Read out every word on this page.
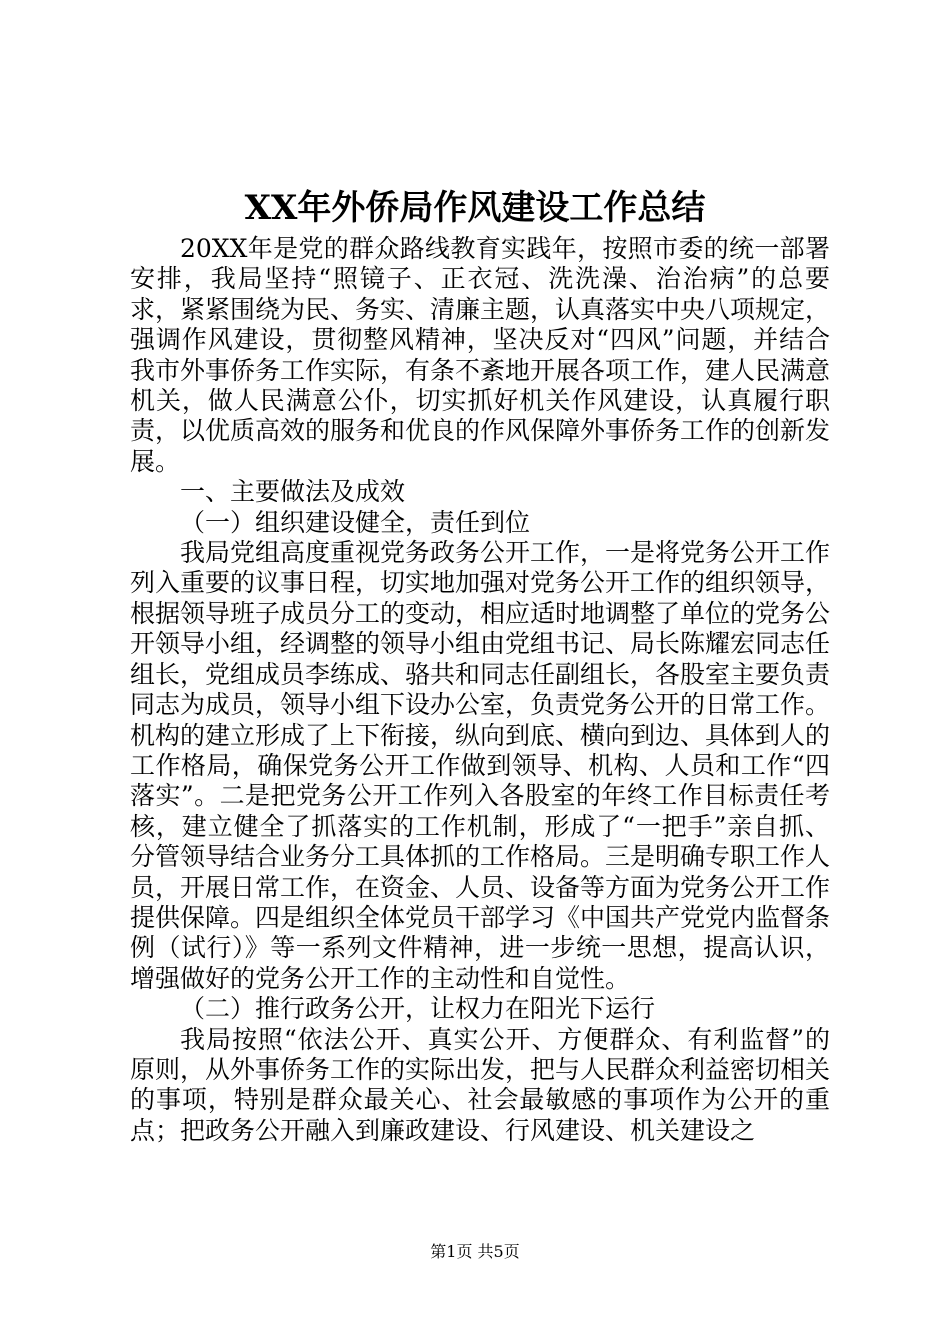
XX年外侨局作风建设工作总结

20XX年是党的群众路线教育实践年，按照市委的统一部署安排，我局坚持“照镜子、正衣冠、洗洗澡、治治病”的总要求，紧紧围绕为民、务实、清廉主题，认真落实中央八项规定，强调作风建设，贯彻整风精神，坚决反对“四风”问题，并结合我市外事侨务工作实际，有条不紊地开展各项工作，建人民满意机关，做人民满意公仆，切实抓好机关作风建设，认真履行职责，以优质高效的服务和优良的作风保障外事侨务工作的创新发展。

一、主要做法及成效

（一）组织建设健全，责任到位

我局党组高度重视党务政务公开工作，一是将党务公开工作列入重要的议事日程，切实地加强对党务公开工作的组织领导，根据领导班子成员分工的变动，相应适时地调整了单位的党务公开领导小组，经调整的领导小组由党组书记、局长陈耀宏同志任组长，党组成员李练成、骆共和同志任副组长，各股室主要负责同志为成员，领导小组下设办公室，负责党务公开的日常工作。机构的建立形成了上下衔接，纵向到底、横向到边、具体到人的工作格局，确保党务公开工作做到领导、机构、人员和工作“四落实”。二是把党务公开工作列入各股室的年终工作目标责任考核，建立健全了抓落实的工作机制，形成了“一把手”亲自抓、分管领导结合业务分工具体抓的工作格局。三是明确专职工作人员，开展日常工作，在资金、人员、设备等方面为党务公开工作提供保障。四是组织全体党员干部学习《中国共产党党内监督条例（试行）》等一系列文件精神，进一步统一思想，提高认识，增强做好的党务公开工作的主动性和自觉性。

（二）推行政务公开，让权力在阳光下运行

我局按照“依法公开、真实公开、方便群众、有利监督”的原则，从外事侨务工作的实际出发，把与人民群众利益密切相关的事项，特别是群众最关心、社会最敏感的事项作为公开的重点；把政务公开融入到廉政建设、行风建设、机关建设之

第1页 共5页
